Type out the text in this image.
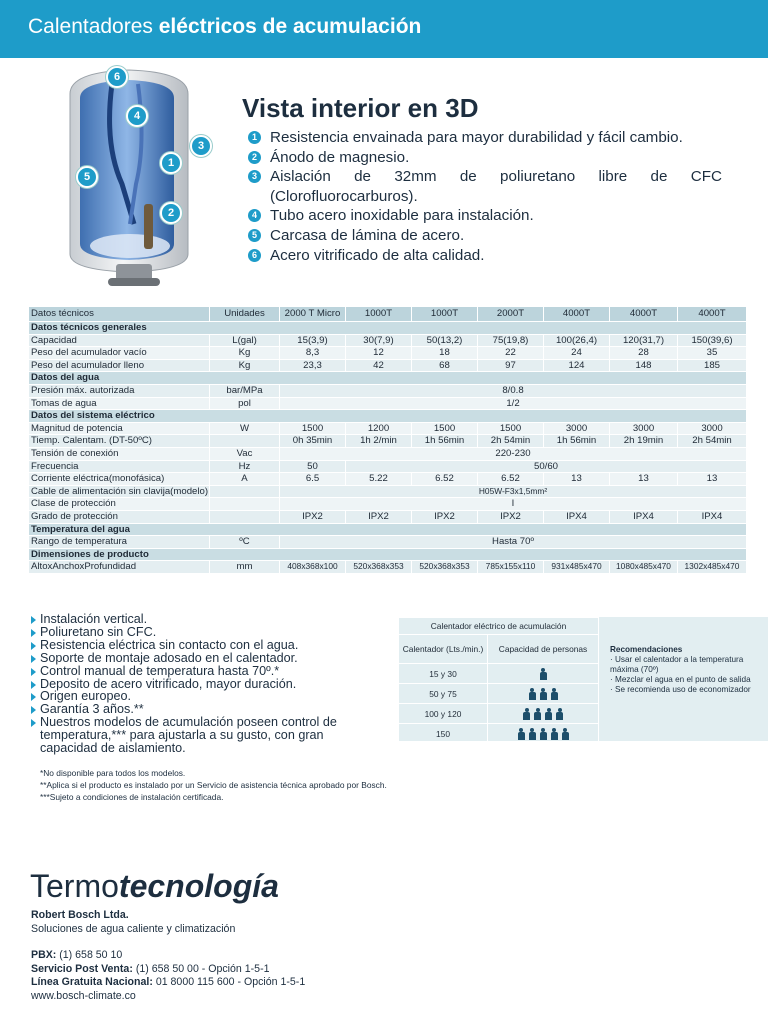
Calentadores eléctricos de acumulación
6
4
3
1
5
2
Vista interior en 3D
1 Resistencia envainada para mayor durabilidad y fácil cambio.
2 Ánodo de magnesio.
3 Aislación de 32mm de poliuretano libre de CFC (Clorofluorocarburos).
4 Tubo acero inoxidable para instalación.
5 Carcasa de lámina de acero.
6 Acero vitrificado de alta calidad.
Datos técnicos	Unidades	2000 T Micro	1000T	1000T	2000T	4000T	4000T	4000T
Datos técnicos generales								
Capacidad	L(gal)	15(3,9)	30(7,9)	50(13,2)	75(19,8)	100(26,4)	120(31,7)	150(39,6)
Peso del acumulador vacío	Kg	8,3	12	18	22	24	28	35
Peso del acumulador lleno	Kg	23,3	42	68	97	124	148	185
Datos del agua								
Presión máx. autorizada	bar/MPa	8/0.8						
Tomas de agua	pol	1/2						
Datos del sistema eléctrico								
Magnitud de potencia	W	1500	1200	1500	1500	3000	3000	3000
Tiemp. Calentam. (DT-50ºC)		0h 35min	1h 2/min	1h 56min	2h 54min	1h 56min	2h 19min	2h 54min
Tensión de conexión	Vac	220-230						
Frecuencia	Hz	50	50/60					
Corriente eléctrica(monofásica)	A	6.5	5.22	6.52	6.52	13	13	13
Cable de alimentación sin clavija(modelo)		H05W-F3x1,5mm²						
Clase de protección		I						
Grado de protección		IPX2	IPX2	IPX2	IPX2	IPX4	IPX4	IPX4
Temperatura del agua								
Rango de temperatura	ºC	Hasta 70º						
Dimensiones de producto								
AltoxAnchoxProfundidad	mm	408x368x100	520x368x353	520x368x353	785x155x110	931x485x470	1080x485x470	1302x485x470
Instalación vertical.
Poliuretano sin CFC.
Resistencia eléctrica sin contacto con el agua.
Soporte de montaje adosado en el calentador.
Control manual de temperatura hasta 70º.*
Deposito de acero vitrificado, mayor duración.
Origen europeo.
Garantía 3 años.**
Nuestros modelos de acumulación poseen control de temperatura,*** para ajustarla a su gusto, con gran capacidad de aislamiento.
Calentador eléctrico de acumulación	
Calentador (Lts./min.)	Capacidad de personas
15 y 30	
50 y 75	
100 y 120	
150	
Recomendaciones
· Usar el calentador a la temperatura máxima (70º)
· Mezclar el agua en el punto de salida
· Se recomienda uso de economizador
*No disponible para todos los modelos.
**Aplica si el producto es instalado por un Servicio de asistencia técnica aprobado por Bosch.
***Sujeto a condiciones de instalación certificada.
Termotecnología
Robert Bosch Ltda.
Soluciones de agua caliente y climatización
PBX: (1) 658 50 10
Servicio Post Venta: (1) 658 50 00 - Opción 1-5-1
Línea Gratuita Nacional: 01 8000 115 600 - Opción 1-5-1
www.bosch-climate.co
